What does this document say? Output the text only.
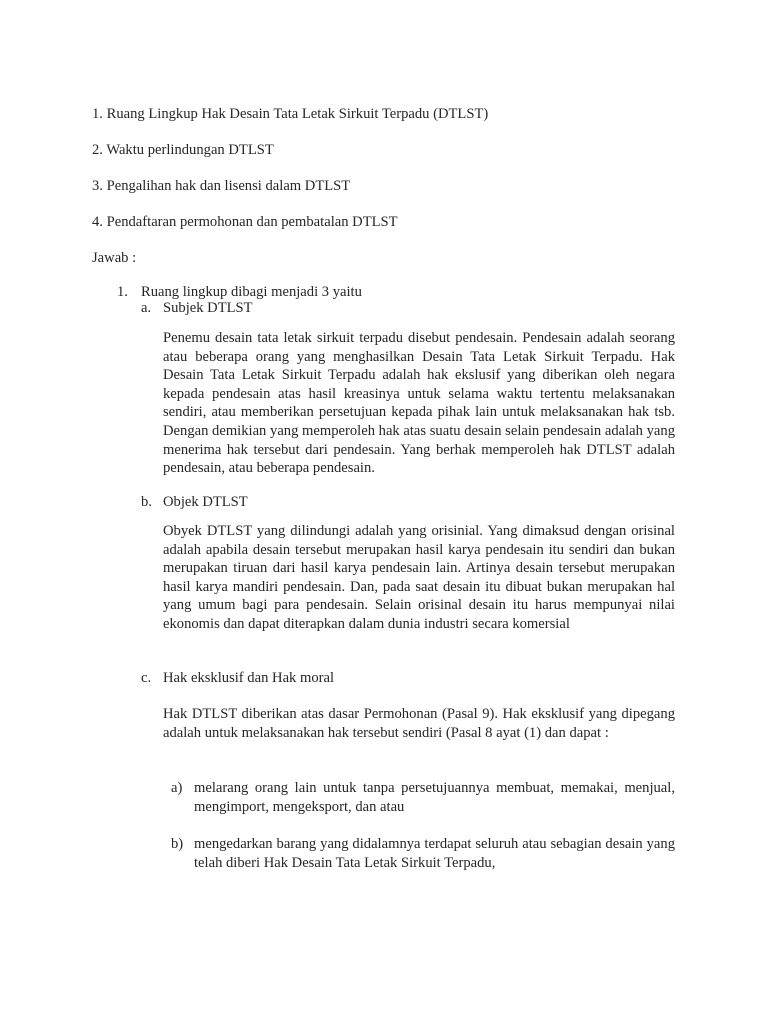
1. Ruang Lingkup Hak Desain Tata Letak Sirkuit Terpadu (DTLST)
2. Waktu perlindungan DTLST
3. Pengalihan hak dan lisensi dalam DTLST
4. Pendaftaran permohonan dan pembatalan DTLST
Jawab :
1. Ruang lingkup dibagi menjadi 3 yaitu
a. Subjek DTLST
Penemu desain tata letak sirkuit terpadu disebut pendesain. Pendesain adalah seorang atau beberapa orang yang menghasilkan Desain Tata Letak Sirkuit Terpadu. Hak Desain Tata Letak Sirkuit Terpadu adalah hak ekslusif yang diberikan oleh negara kepada pendesain atas hasil kreasinya untuk selama waktu tertentu melaksanakan sendiri, atau memberikan persetujuan kepada pihak lain untuk melaksanakan hak tsb. Dengan demikian yang memperoleh hak atas suatu desain selain pendesain adalah yang menerima hak tersebut dari pendesain. Yang berhak memperoleh hak DTLST adalah pendesain, atau beberapa pendesain.
b. Objek DTLST
Obyek DTLST yang dilindungi adalah yang orisinial. Yang dimaksud dengan orisinal adalah apabila desain tersebut merupakan hasil karya pendesain itu sendiri dan bukan merupakan tiruan dari hasil karya pendesain lain. Artinya desain tersebut merupakan hasil karya mandiri pendesain. Dan, pada saat desain itu dibuat bukan merupakan hal yang umum bagi para pendesain. Selain orisinal desain itu harus mempunyai nilai ekonomis dan dapat diterapkan dalam dunia industri secara komersial
c. Hak eksklusif dan Hak moral
Hak DTLST diberikan atas dasar Permohonan (Pasal 9). Hak eksklusif yang dipegang adalah untuk melaksanakan hak tersebut sendiri (Pasal 8 ayat (1) dan dapat :
a) melarang orang lain untuk tanpa persetujuannya membuat, memakai, menjual, mengimport, mengeksport, dan atau
b) mengedarkan barang yang didalamnya terdapat seluruh atau sebagian desain yang telah diberi Hak Desain Tata Letak Sirkuit Terpadu,
